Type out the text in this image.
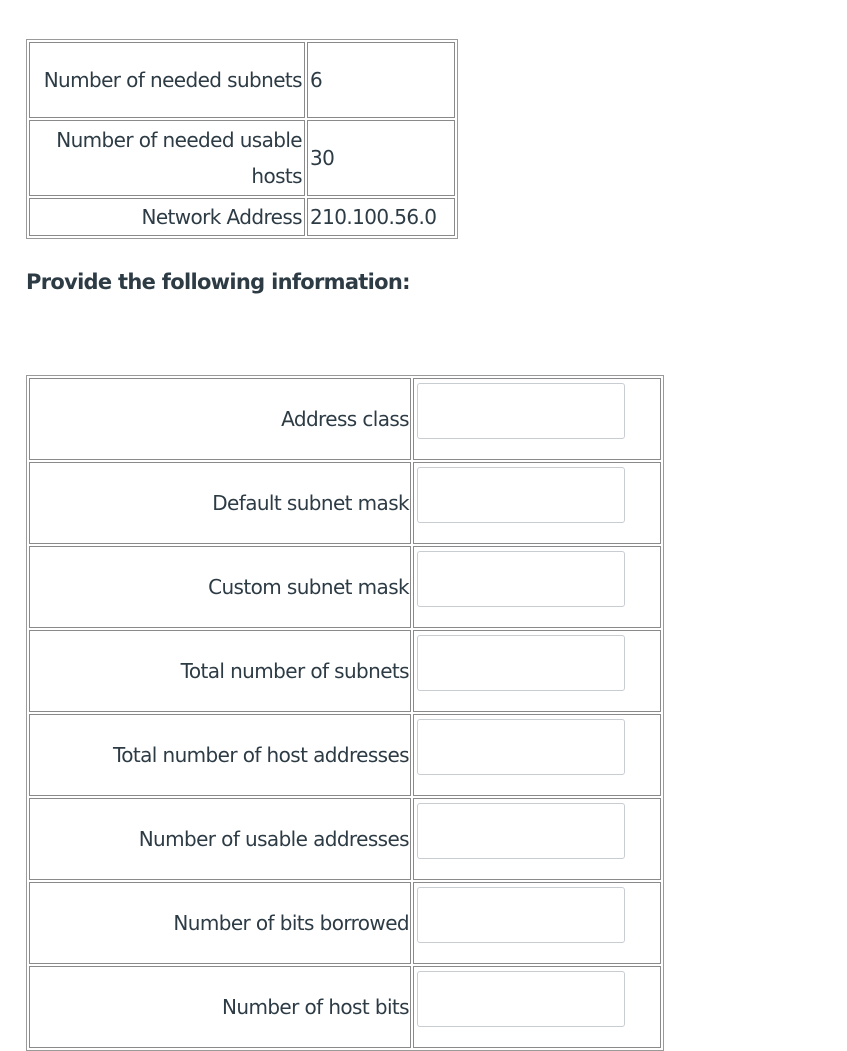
Number of needed subnets	6
Number of needed usable hosts	30
Network Address	210.100.56.0

Provide the following information:

Address class	

Default subnet mask	

Custom subnet mask	

Total number of subnets	

Total number of host addresses	

Number of usable addresses	

Number of bits borrowed	

Number of host bits	
